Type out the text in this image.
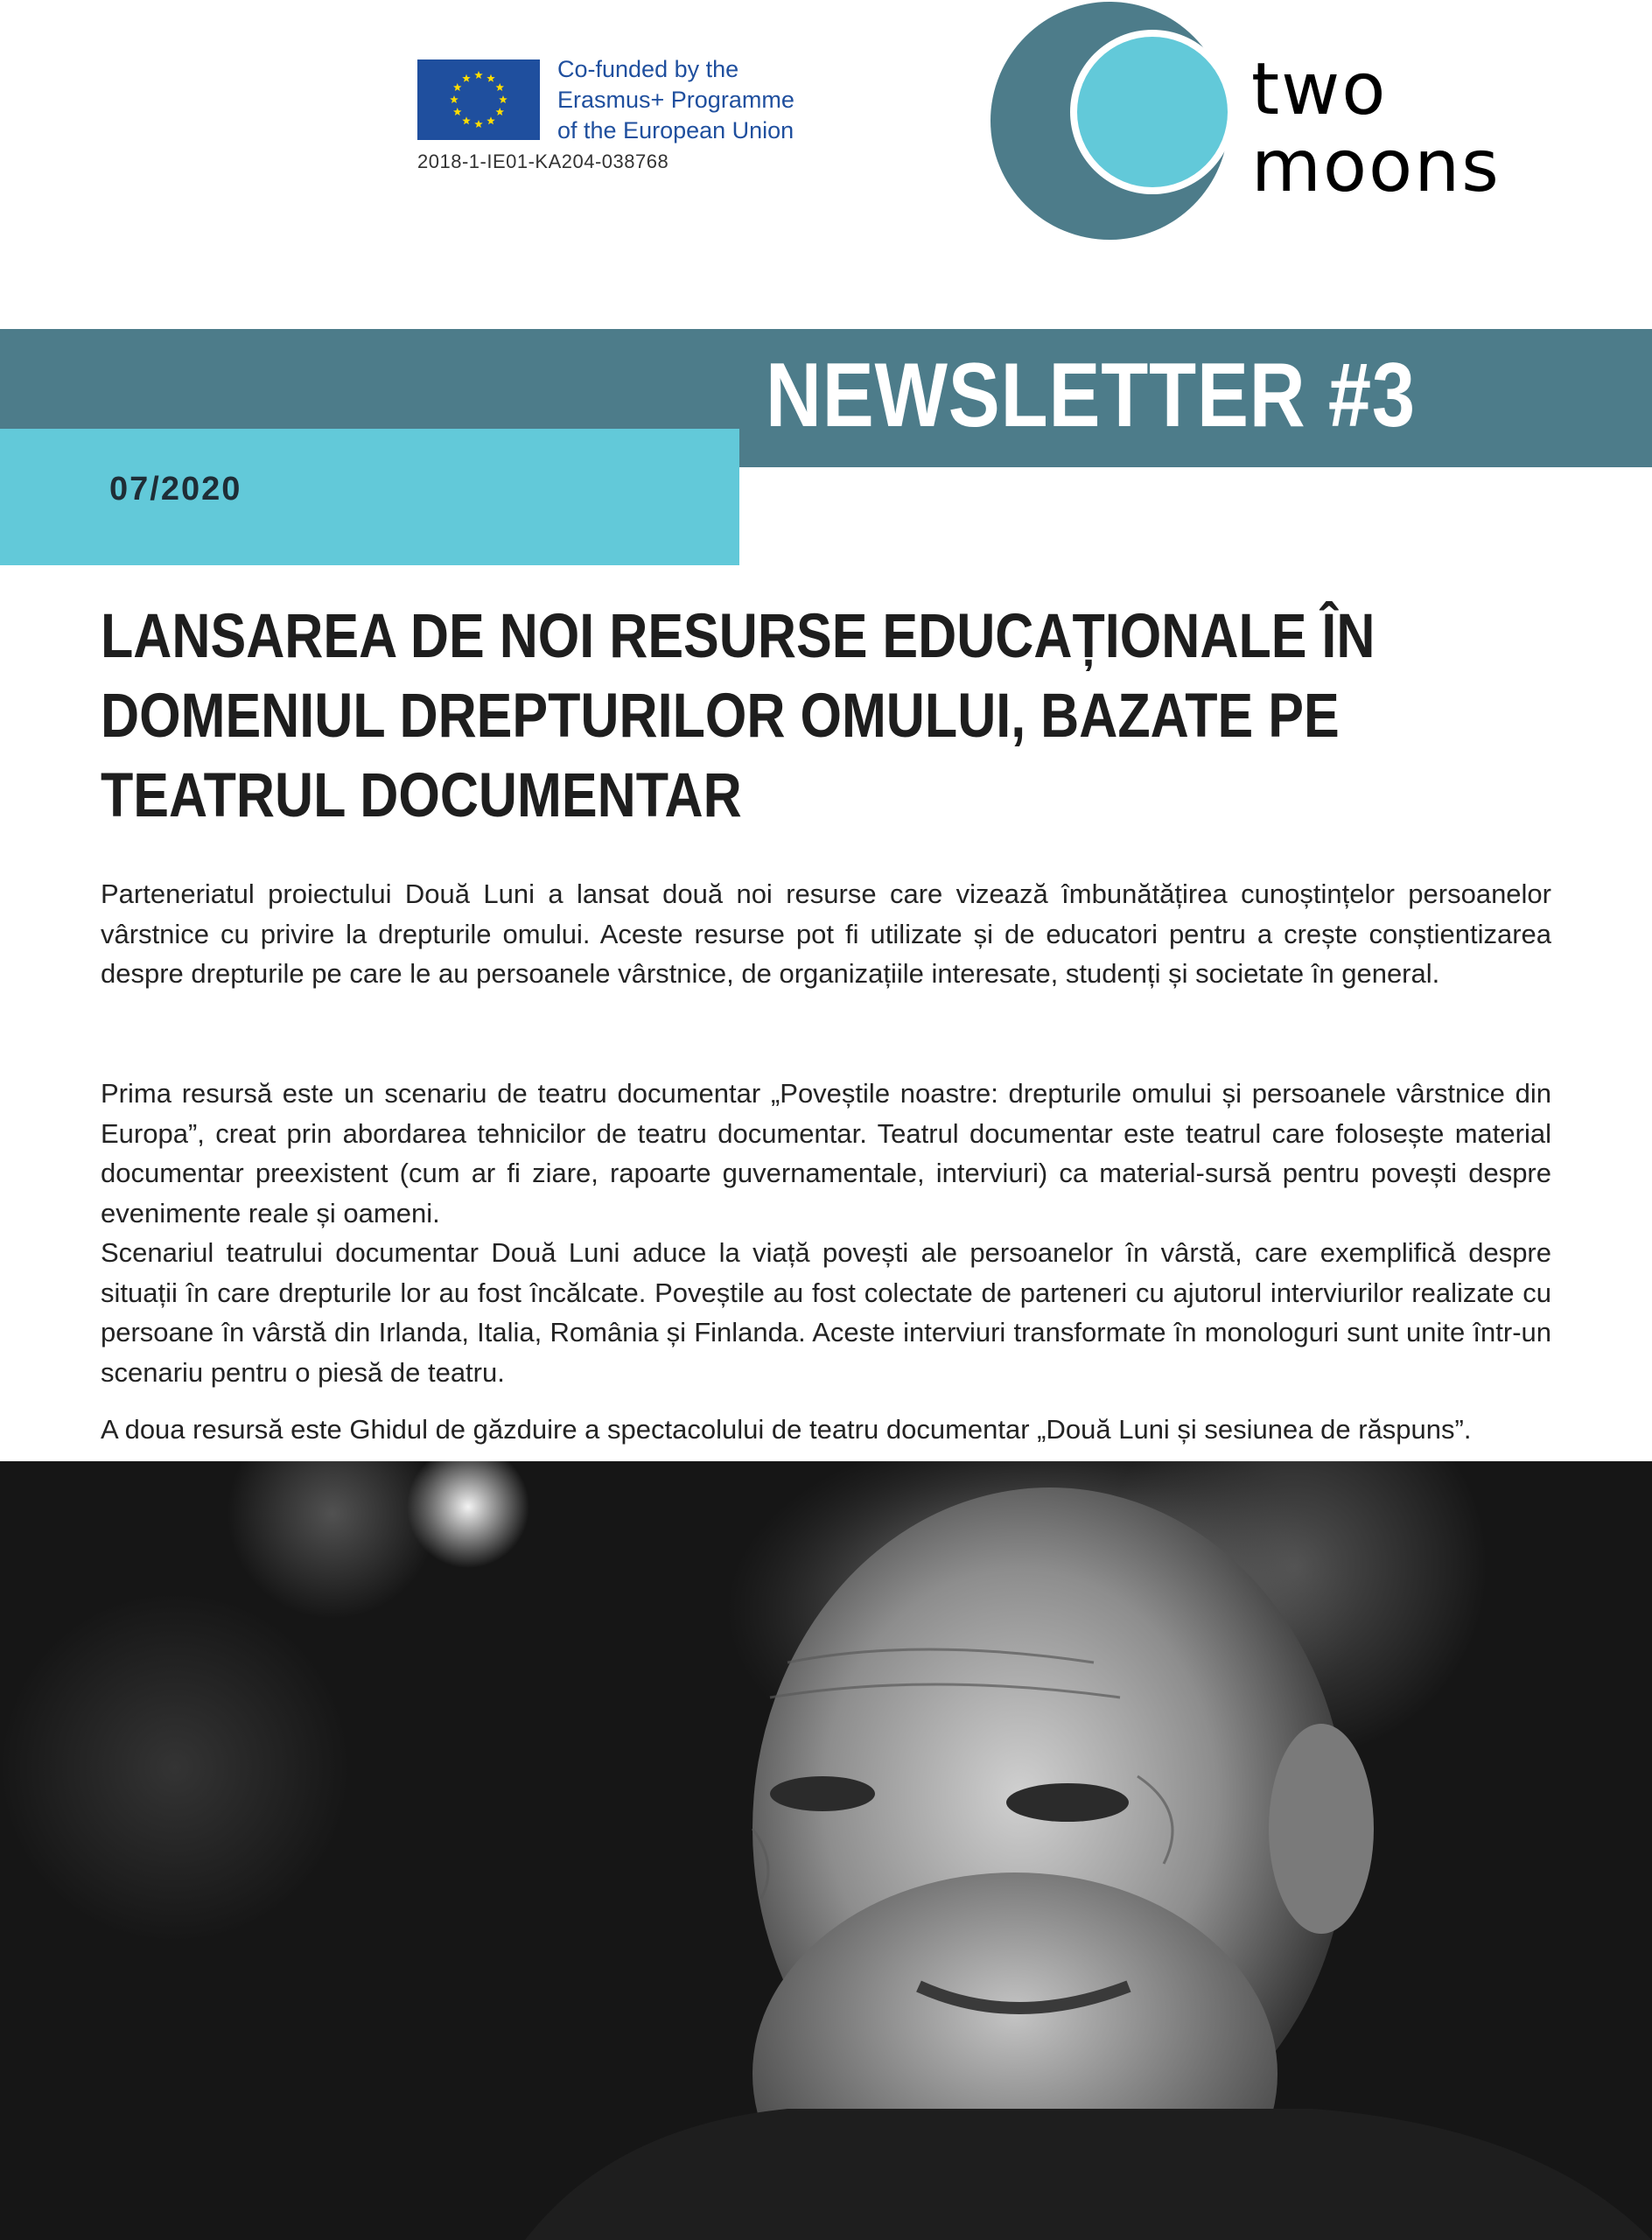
Co-funded by the
Erasmus+ Programme
of the European Union
2018-1-IE01-KA204-038768
two
moons
NEWSLETTER #3
07/2020
LANSAREA DE NOI RESURSE EDUCAȚIONALE ÎN
DOMENIUL DREPTURILOR OMULUI, BAZATE PE
TEATRUL DOCUMENTAR

Parteneriatul proiectului Două Luni a lansat două noi resurse care vizează îmbunătățirea cunoștințelor persoanelor vârstnice cu privire la drepturile omului. Aceste resurse pot fi utilizate și de educatori pentru a crește conștientizarea despre drepturile pe care le au persoanele vârstnice, de organizațiile interesate, studenți și societate în general.

Prima resursă este un scenariu de teatru documentar „Poveștile noastre: drepturile omului și persoanele vârstnice din Europa”, creat prin abordarea tehnicilor de teatru documentar. Teatrul documentar este teatrul care folosește material documentar preexistent (cum ar fi ziare, rapoarte guvernamentale, interviuri) ca material-sursă pentru povești despre evenimente reale și oameni.

Scenariul teatrului documentar Două Luni aduce la viață povești ale persoanelor în vârstă, care exemplifică despre situații în care drepturile lor au fost încălcate. Poveștile au fost colectate de parteneri cu ajutorul interviurilor realizate cu persoane în vârstă din Irlanda, Italia, România și Finlanda. Aceste interviuri transformate în monologuri sunt unite într-un scenariu pentru o piesă de teatru.

A doua resursă este Ghidul de găzduire a spectacolului de teatru documentar „Două Luni și sesiunea de răspuns”.
